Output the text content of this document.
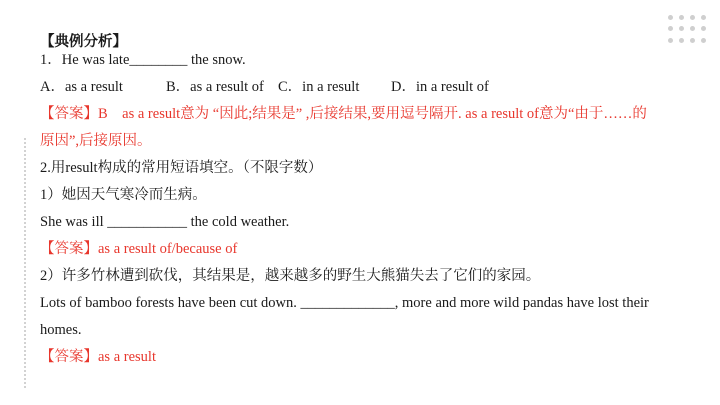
【典例分析】
1．He was late________ the snow.
A．as a result	B．as a result of C．in a result D．in a result of
【答案】B　as a result意为 “因此;结果是” ,后接结果,要用逗号隔开. as a result of意为“由于……的
原因”,后接原因。
2.用result构成的常用短语填空。（不限字数）
1）她因天气寒冷而生病。
She was ill ___________ the cold weather.
【答案】as a result of/because of
2）许多竹林遭到砍伐，其结果是，越来越多的野生大熊猫失去了它们的家园。
Lots of bamboo forests have been cut down. _____________, more and more wild pandas have lost their
homes.
【答案】as a result
